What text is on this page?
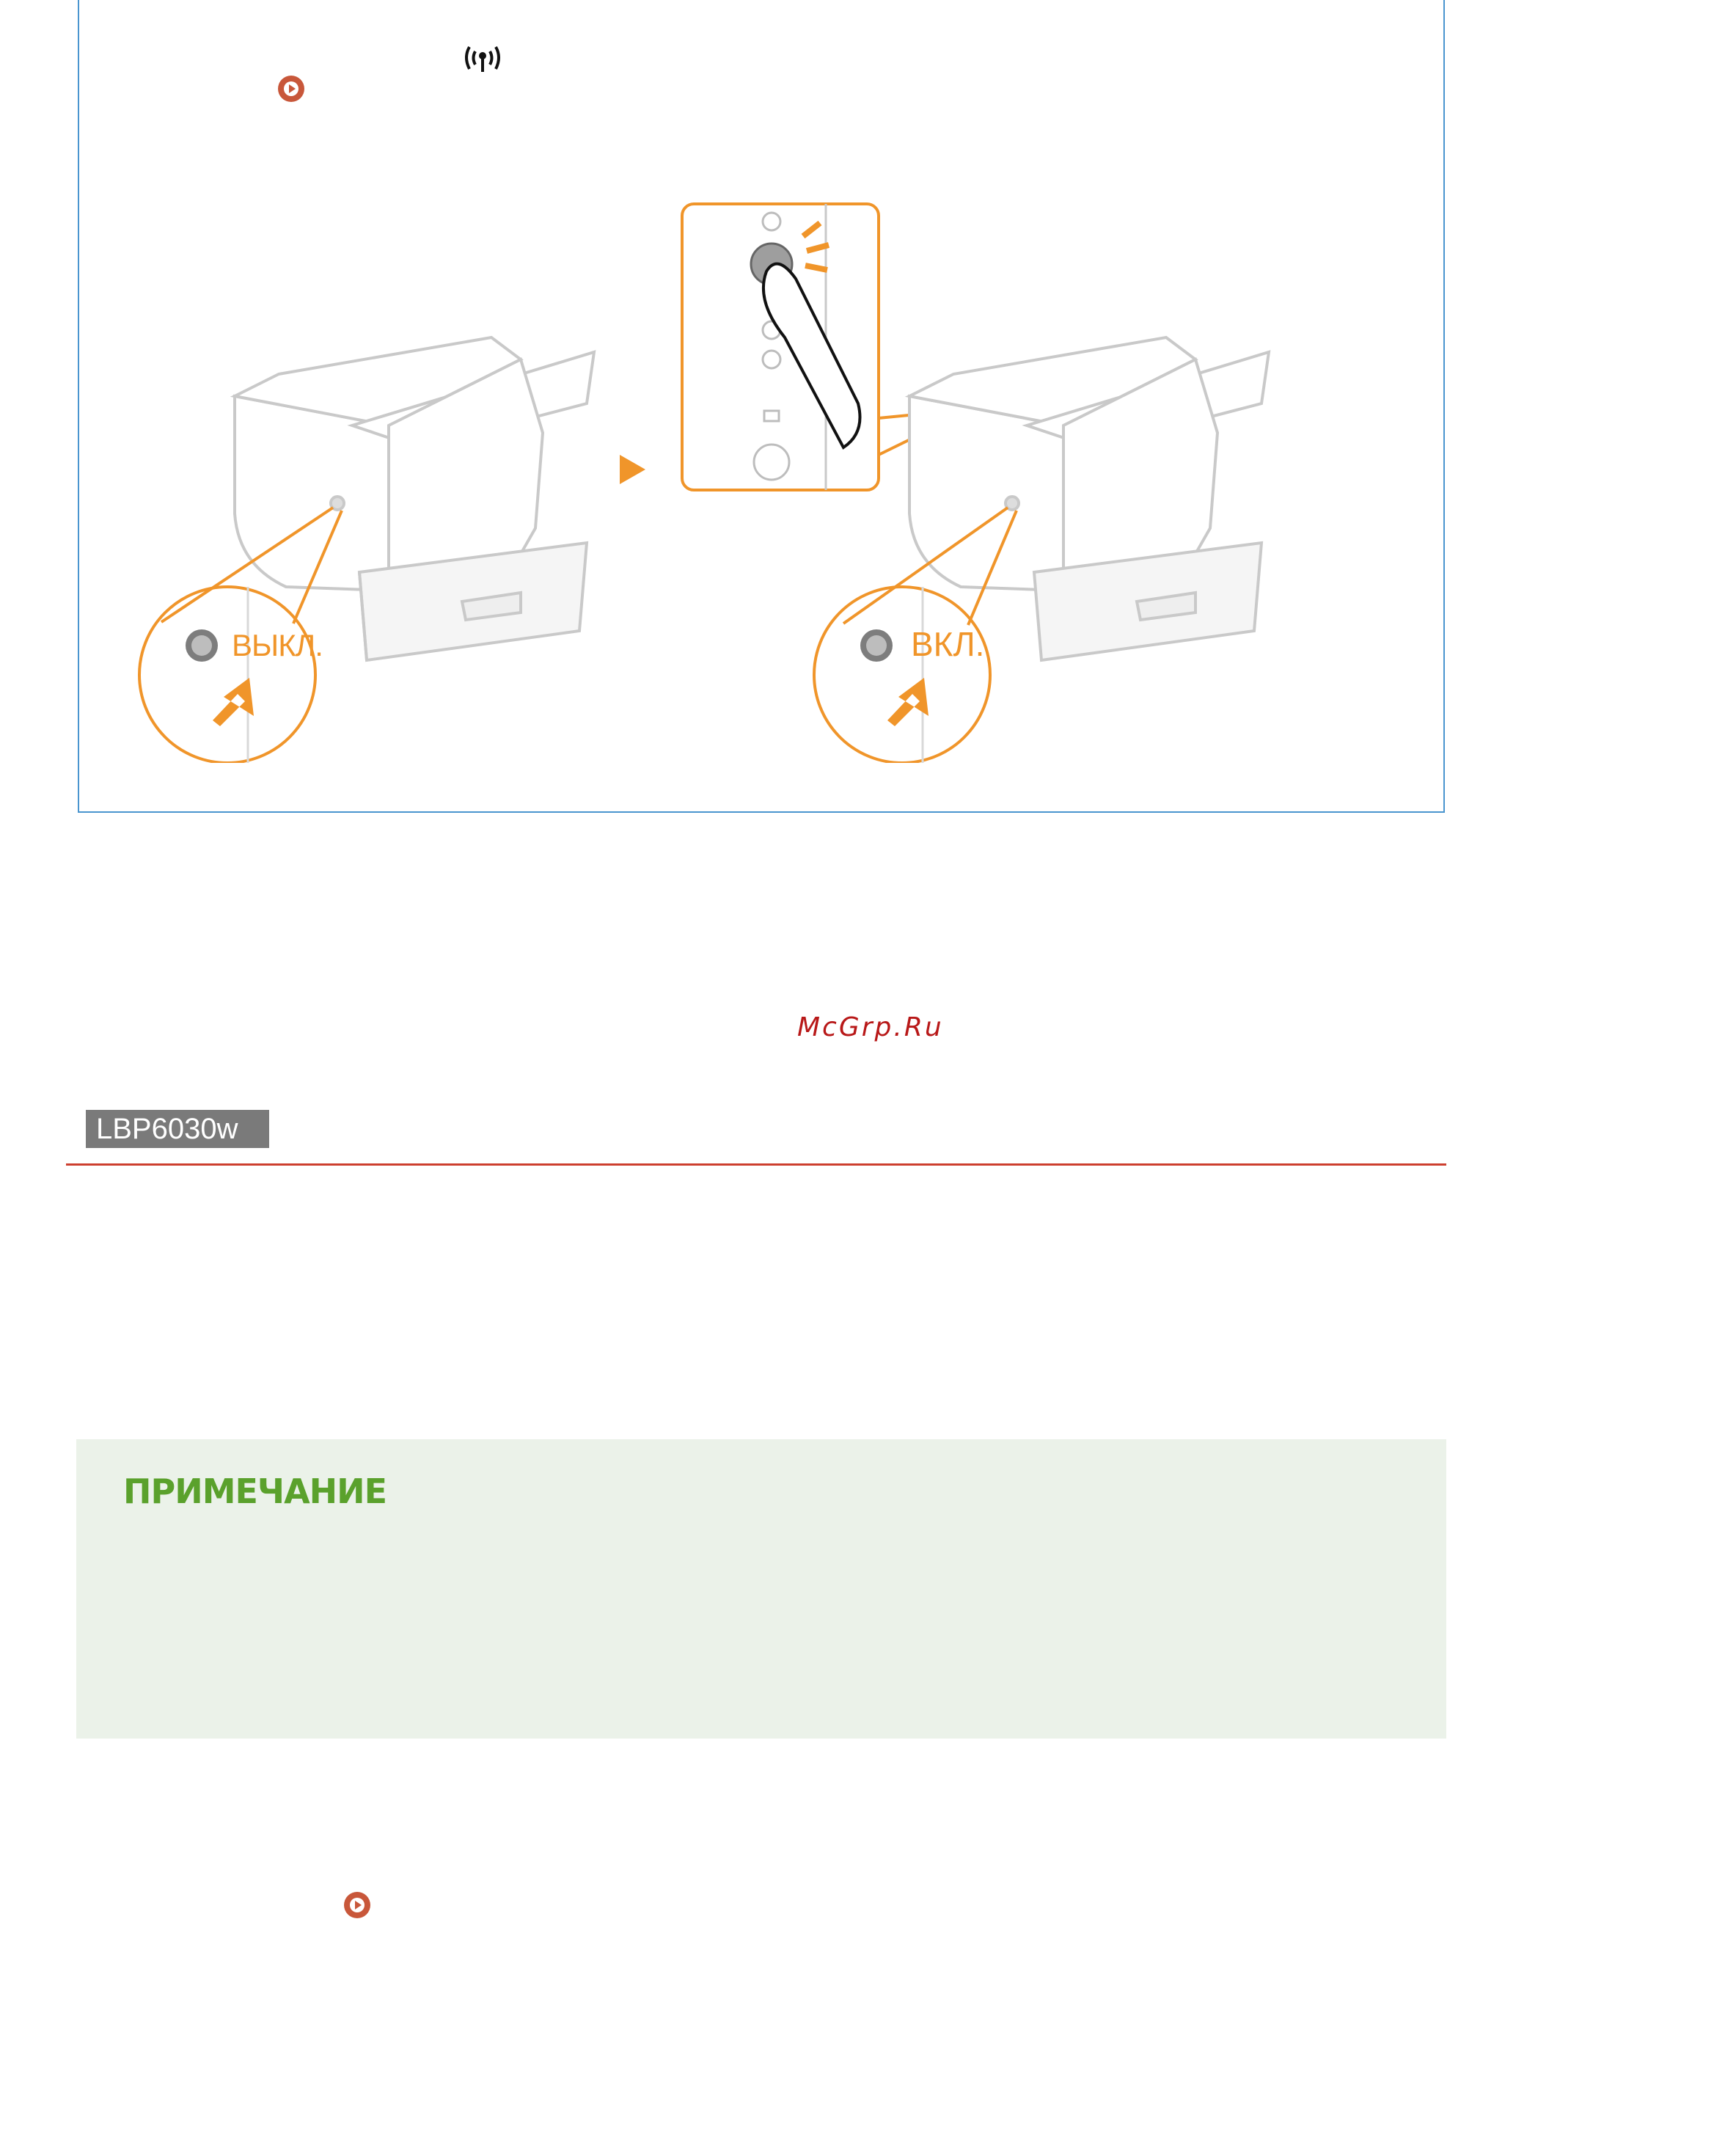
ВЫКЛ.	ВКЛ.
McGrp.Ru
LBP6030w
ПРИМЕЧАНИЕ
